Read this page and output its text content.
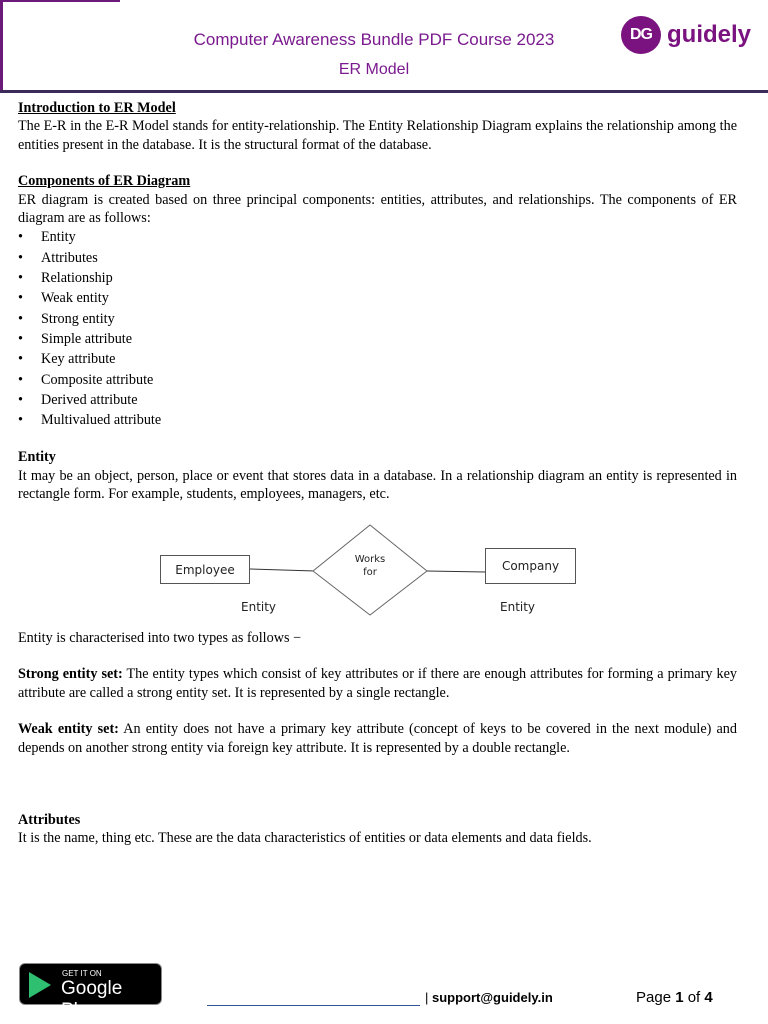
Computer Awareness Bundle PDF Course 2023
ER Model
DG guidely

Introduction to ER Model

The E-R in the E-R Model stands for entity-relationship. The Entity Relationship Diagram explains the relationship among the entities present in the database. It is the structural format of the database.

Components of ER Diagram

ER diagram is created based on three principal components: entities, attributes, and relationships. The components of ER diagram are as follows:

• Entity
• Attributes
• Relationship
• Weak entity
• Strong entity
• Simple attribute
• Key attribute
• Composite attribute
• Derived attribute
• Multivalued attribute

Entity

It may be an object, person, place or event that stores data in a database. In a relationship diagram an entity is represented in rectangle form. For example, students, employees, managers, etc.

Employee
Works
for	Company
Entity	Entity

Entity is characterised into two types as follows −

Strong entity set: The entity types which consist of key attributes or if there are enough attributes for forming a primary key attribute are called a strong entity set. It is represented by a single rectangle.

Weak entity set: An entity does not have a primary key attribute (concept of keys to be covered in the next module) and depends on another strong entity via foreign key attribute. It is represented by a double rectangle.

Attributes

It is the name, thing etc. These are the data characteristics of entities or data elements and data fields.

GET IT ON
Google Play
| support@guidely.in	Page 1 of 4
